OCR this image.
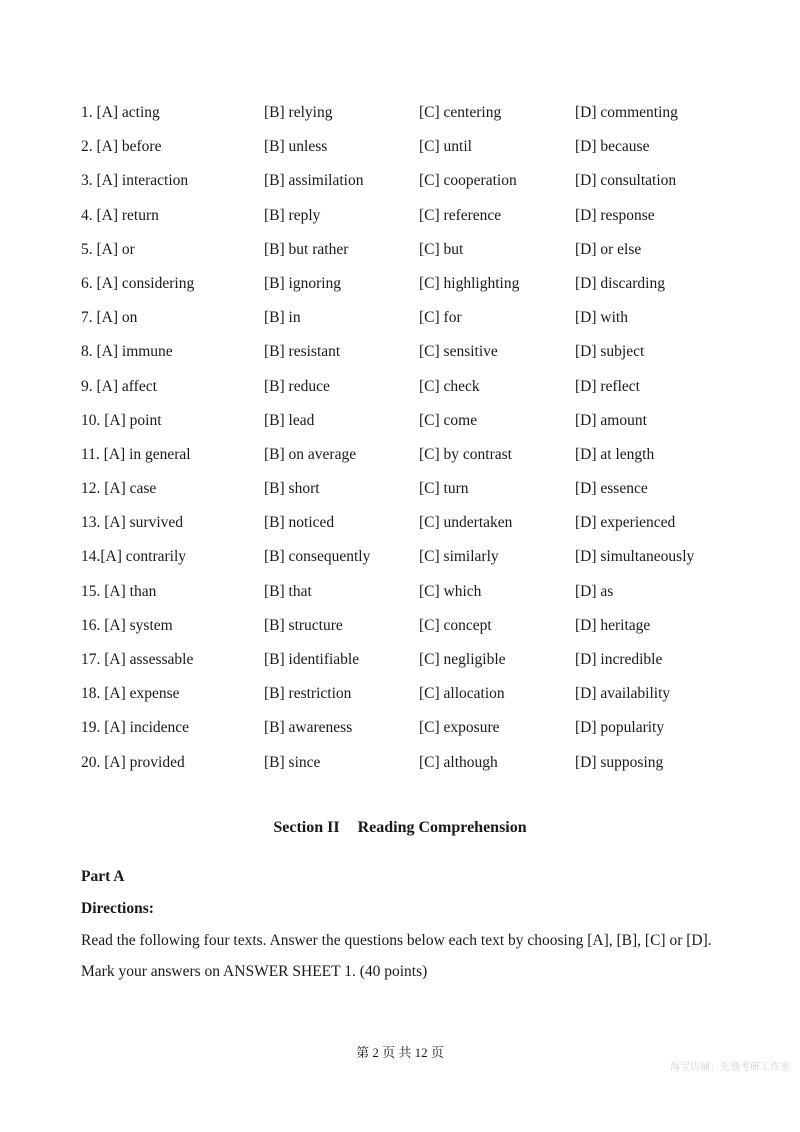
1. [A] acting	[B] relying	[C] centering	[D] commenting
2. [A] before	[B] unless	[C] until	[D] because
3. [A] interaction	[B] assimilation	[C] cooperation	[D] consultation
4. [A] return	[B] reply	[C] reference	[D] response
5. [A] or	[B] but rather	[C] but	[D] or else
6. [A] considering	[B] ignoring	[C] highlighting	[D] discarding
7. [A] on	[B] in	[C] for	[D] with
8. [A] immune	[B] resistant	[C] sensitive	[D] subject
9. [A] affect	[B] reduce	[C] check	[D] reflect
10. [A] point	[B] lead	[C] come	[D] amount
11. [A] in general	[B] on average	[C] by contrast	[D] at length
12. [A] case	[B] short	[C] turn	[D] essence
13. [A] survived	[B] noticed	[C] undertaken	[D] experienced
14.[A] contrarily	[B] consequently	[C] similarly	[D] simultaneously
15. [A] than	[B] that	[C] which	[D] as
16. [A] system	[B] structure	[C] concept	[D] heritage
17. [A] assessable	[B] identifiable	[C] negligible	[D] incredible
18. [A] expense	[B] restriction	[C] allocation	[D] availability
19. [A] incidence	[B] awareness	[C] exposure	[D] popularity
20. [A] provided	[B] since	[C] although	[D] supposing
Section II Reading Comprehension
Part A
Directions:
Read the following four texts. Answer the questions below each text by choosing [A], [B], [C] or [D].
Mark your answers on ANSWER SHEET 1. (40 points)
第 2 页 共 12 页
淘宝店铺：先逸考研工作室
